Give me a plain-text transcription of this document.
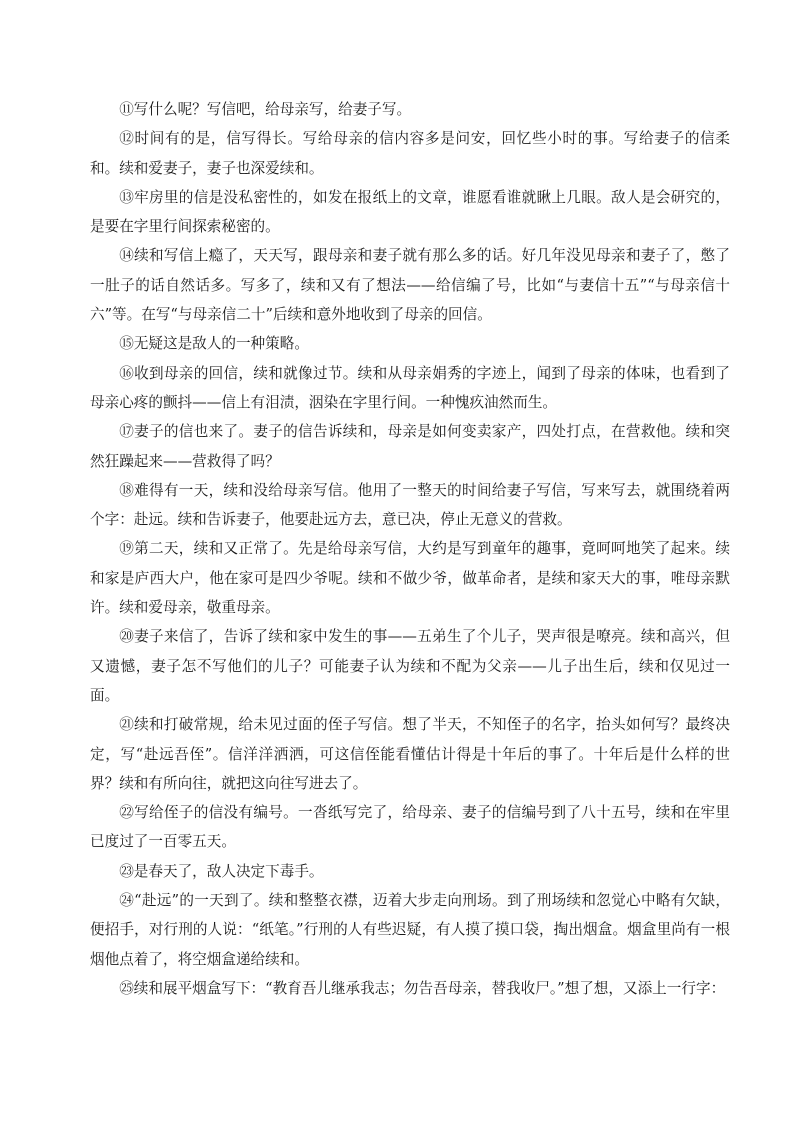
⑪写什么呢？写信吧，给母亲写，给妻子写。

⑫时间有的是，信写得长。写给母亲的信内容多是问安，回忆些小时的事。写给妻子的信柔和。续和爱妻子，妻子也深爱续和。

⑬牢房里的信是没私密性的，如发在报纸上的文章，谁愿看谁就瞅上几眼。敌人是会研究的，是要在字里行间探索秘密的。

⑭续和写信上瘾了，天天写，跟母亲和妻子就有那么多的话。好几年没见母亲和妻子了，憋了一肚子的话自然话多。写多了，续和又有了想法——给信编了号，比如“与妻信十五”“与母亲信十六”等。在写“与母亲信二十”后续和意外地收到了母亲的回信。

⑮无疑这是敌人的一种策略。

⑯收到母亲的回信，续和就像过节。续和从母亲娟秀的字迹上，闻到了母亲的体味，也看到了母亲心疼的颤抖——信上有泪渍，洇染在字里行间。一种愧疚油然而生。

⑰妻子的信也来了。妻子的信告诉续和，母亲是如何变卖家产，四处打点，在营救他。续和突然狂躁起来——营救得了吗？

⑱难得有一天，续和没给母亲写信。他用了一整天的时间给妻子写信，写来写去，就围绕着两个字：赴远。续和告诉妻子，他要赴远方去，意已决，停止无意义的营救。

⑲第二天，续和又正常了。先是给母亲写信，大约是写到童年的趣事，竟呵呵地笑了起来。续和家是庐西大户，他在家可是四少爷呢。续和不做少爷，做革命者，是续和家天大的事，唯母亲默许。续和爱母亲，敬重母亲。

⑳妻子来信了，告诉了续和家中发生的事——五弟生了个儿子，哭声很是嘹亮。续和高兴，但又遗憾，妻子怎不写他们的儿子？可能妻子认为续和不配为父亲——儿子出生后，续和仅见过一面。

㉑续和打破常规，给未见过面的侄子写信。想了半天，不知侄子的名字，抬头如何写？最终决定，写“赴远吾侄”。信洋洋洒洒，可这信侄能看懂估计得是十年后的事了。十年后是什么样的世界？续和有所向往，就把这向往写进去了。

㉒写给侄子的信没有编号。一沓纸写完了，给母亲、妻子的信编号到了八十五号，续和在牢里已度过了一百零五天。

㉓是春天了，敌人决定下毒手。

㉔“赴远”的一天到了。续和整整衣襟，迈着大步走向刑场。到了刑场续和忽觉心中略有欠缺，便招手，对行刑的人说：“纸笔。”行刑的人有些迟疑，有人摸了摸口袋，掏出烟盒。烟盒里尚有一根烟他点着了，将空烟盒递给续和。

㉕续和展平烟盒写下：“教育吾儿继承我志；勿告吾母亲，替我收尸。”想了想，又添上一行字：
